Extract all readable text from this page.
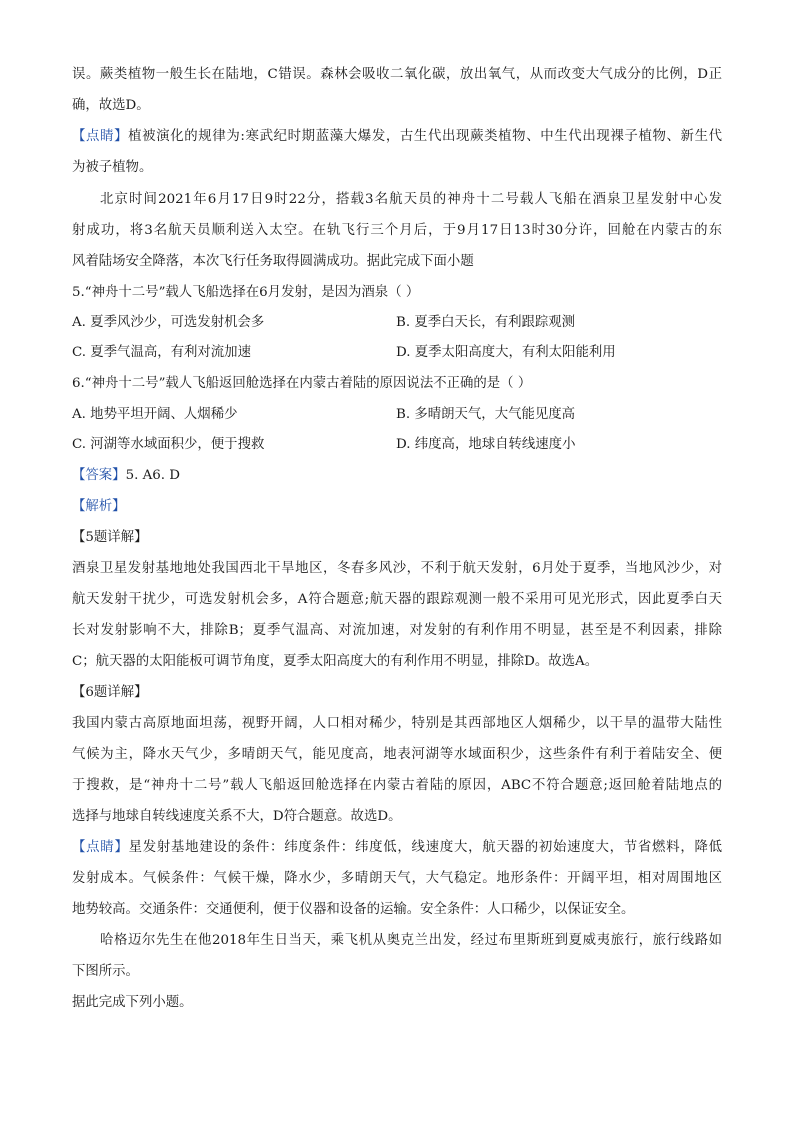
误。蕨类植物一般生长在陆地，C错误。森林会吸收二氧化碳，放出氧气，从而改变大气成分的比例，D正
确，故选D。
【点睛】植被演化的规律为:寒武纪时期蓝藻大爆发，古生代出现蕨类植物、中生代出现裸子植物、新生代
为被子植物。
北京时间2021年6月17日9时22分，搭载3名航天员的神舟十二号载人飞船在酒泉卫星发射中心发
射成功，将3名航天员顺利送入太空。在轨飞行三个月后，于9月17日13时30分许，回舱在内蒙古的东
风着陆场安全降落，本次飞行任务取得圆满成功。据此完成下面小题
5.“神舟十二号”载人飞船选择在6月发射，是因为酒泉（ ）
A. 夏季风沙少，可选发射机会多	B. 夏季白天长，有利跟踪观测
C. 夏季气温高，有利对流加速	D. 夏季太阳高度大，有利太阳能利用
6.“神舟十二号”载人飞船返回舱选择在内蒙古着陆的原因说法不正确的是（ ）
A. 地势平坦开阔、人烟稀少	B. 多晴朗天气，大气能见度高
C. 河湖等水域面积少，便于搜救	D. 纬度高，地球自转线速度小
【答案】5. A6. D
【解析】
【5题详解】
酒泉卫星发射基地地处我国西北干旱地区，冬春多风沙，不利于航天发射，6月处于夏季，当地风沙少，对
航天发射干扰少，可选发射机会多，A符合题意;航天器的跟踪观测一般不采用可见光形式，因此夏季白天
长对发射影响不大，排除B；夏季气温高、对流加速，对发射的有利作用不明显，甚至是不利因素，排除
C；航天器的太阳能板可调节角度，夏季太阳高度大的有利作用不明显，排除D。故选A。
【6题详解】
我国内蒙古高原地面坦荡，视野开阔，人口相对稀少，特别是其西部地区人烟稀少，以干旱的温带大陆性
气候为主，降水天气少，多晴朗天气，能见度高，地表河湖等水域面积少，这些条件有利于着陆安全、便
于搜救，是“神舟十二号”载人飞船返回舱选择在内蒙古着陆的原因，ABC不符合题意;返回舱着陆地点的
选择与地球自转线速度关系不大，D符合题意。故选D。
【点睛】星发射基地建设的条件：纬度条件：纬度低，线速度大，航天器的初始速度大，节省燃料，降低
发射成本。气候条件：气候干燥，降水少，多晴朗天气，大气稳定。地形条件：开阔平坦，相对周围地区
地势较高。交通条件：交通便利，便于仪器和设备的运输。安全条件：人口稀少，以保证安全。
哈格迈尔先生在他2018年生日当天，乘飞机从奥克兰出发，经过布里斯班到夏威夷旅行，旅行线路如
下图所示。
据此完成下列小题。
